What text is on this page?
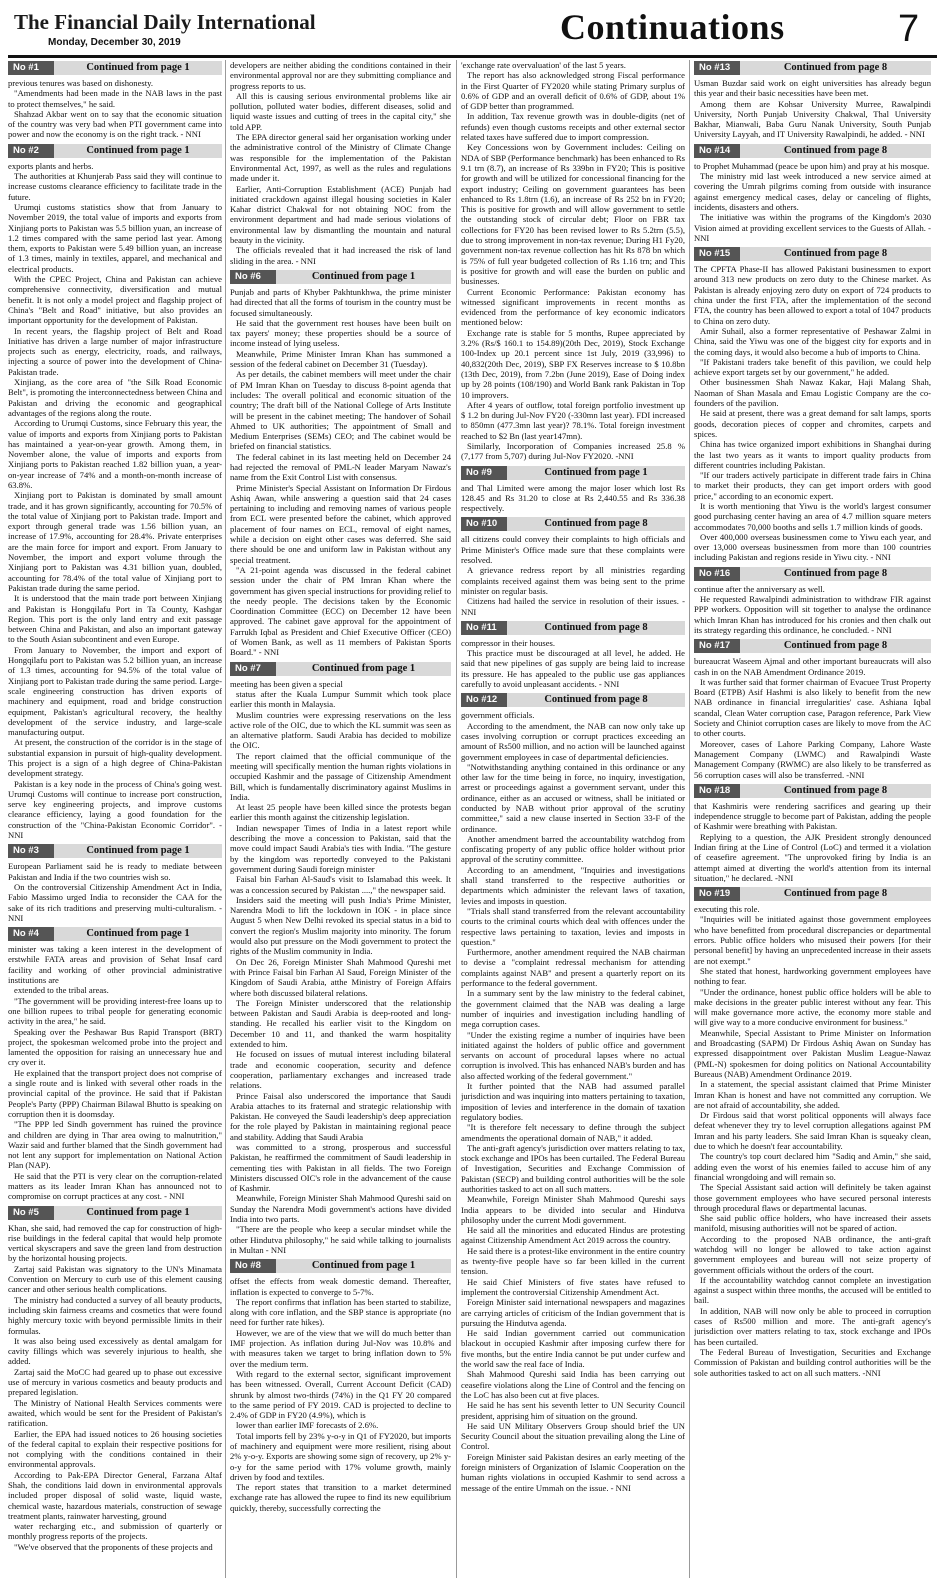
The Financial Daily International
Monday, December 30, 2019	Continuations	7
No #1	Continued from page 1

previous tenures was based on dishonesty.

"Amendments had been made in the NAB laws in the past to protect themselves," he said.

Shahzad Akbar went on to say that the economic situation of the country was very bad when PTI government came into power and now the economy is on the right track. - NNI

No #2	Continued from page 1

exports plants and herbs.

The authorities at Khunjerab Pass said they will continue to increase customs clearance efficiency to facilitate trade in the future.

Urumqi customs statistics show that from January to November 2019, the total value of imports and exports from Xinjiang ports to Pakistan was 5.5 billion yuan, an increase of 1.2 times compared with the same period last year. Among them, exports to Pakistan were 5.49 billion yuan, an increase of 1.3 times, mainly in textiles, apparel, and mechanical and electrical products.

With the CPEC Project, China and Pakistan can achieve comprehensive connectivity, diversification and mutual benefit. It is not only a model project and flagship project of China's "Belt and Road" initiative, but also provides an important opportunity for the development of Pakistan.

In recent years, the flagship project of Belt and Road Initiative has driven a large number of major infrastructure projects such as energy, electricity, roads, and railways, injecting a source of power into the development of China-Pakistan trade.

Xinjiang, as the core area of "the Silk Road Economic Belt", is promoting the interconnectedness between China and Pakistan and driving the economic and geographical advantages of the regions along the route.

According to Urumqi Customs, since February this year, the value of imports and exports from Xinjiang ports to Pakistan has maintained a year-on-year growth. Among them, in November alone, the value of imports and exports from Xinjiang ports to Pakistan reached 1.82 billion yuan, a year-on-year increase of 74% and a month-on-month increase of 63.8%.

Xinjiang port to Pakistan is dominated by small amount trade, and it has grown significantly, accounting for 70.5% of the total value of Xinjiang port to Pakistan trade. Import and export through general trade was 1.56 billion yuan, an increase of 17.9%, accounting for 28.4%. Private enterprises are the main force for import and export. From January to November, the import and export volume through the Xinjiang port to Pakistan was 4.31 billion yuan, doubled, accounting for 78.4% of the total value of Xinjiang port to Pakistan trade during the same period.

It is understood that the main trade port between Xinjiang and Pakistan is Hongqilafu Port in Ta County, Kashgar Region. This port is the only land entry and exit passage between China and Pakistan, and also an important gateway to the South Asian subcontinent and even Europe.

From January to November, the import and export of Hongqilafu port to Pakistan was 5.2 billion yuan, an increase of 1.3 times, accounting for 94.5% of the total value of Xinjiang port to Pakistan trade during the same period. Large-scale engineering construction has driven exports of machinery and equipment, road and bridge construction equipment, Pakistan's agricultural recovery, the healthy development of the service industry, and large-scale manufacturing output.

At present, the construction of the corridor is in the stage of substantial expansion in pursuit of high-quality development. This project is a sign of a high degree of China-Pakistan development strategy.

Pakistan is a key node in the process of China's going west. Urumqi Customs will continue to increase port construction, serve key engineering projects, and improve customs clearance efficiency, laying a good foundation for the construction of the "China-Pakistan Economic Corridor". - NNI

No #3	Continued from page 1

European Parliament said he is ready to mediate between Pakistan and India if the two countries wish so.

On the controversial Citizenship Amendment Act in India, Fabio Massimo urged India to reconsider the CAA for the sake of its rich traditions and preserving multi-culturalism. - NNI

No #4	Continued from page 1

minister was taking a keen interest in the development of erstwhile FATA areas and provision of Sehat Insaf card facility and working of other provincial administrative institutions are

extended to the tribal areas.

"The government will be providing interest-free loans up to one billion rupees to tribal people for generating economic activity in the area," he said.

Speaking over the Peshawar Bus Rapid Transport (BRT) project, the spokesman welcomed probe into the project and lamented the opposition for raising an unnecessary hue and cry over it.

He explained that the transport project does not comprise of a single route and is linked with several other roads in the provincial capital of the province. He said that if Pakistan People's Party (PPP) Chairman Bilawal Bhutto is speaking on corruption then it is doomsday.

"The PPP led Sindh government has ruined the province and children are dying in Thar area owing to malnutrition," Wazir said and further blamed that the Sindh government had not lent any support for implementation on National Action Plan (NAP).

He said that the PTI is very clear on the corruption-related matters as its leader Imran Khan has announced not to compromise on corrupt practices at any cost. - NNI

No #5	Continued from page 1

Khan, she said, had removed the cap for construction of high-rise buildings in the federal capital that would help promote vertical skyscrapers and save the green land from destruction by the horizontal housing projects.

Zartaj said Pakistan was signatory to the UN's Minamata Convention on Mercury to curb use of this element causing cancer and other serious health complications.

The ministry had conducted a survey of all beauty products, including skin fairness creams and cosmetics that were found highly mercury toxic with beyond permissible limits in their formulas.

It was also being used excessively as dental amalgam for cavity fillings which was severely injurious to health, she added.

Zartaj said the MoCC had geared up to phase out excessive use of mercury in various cosmetics and beauty products and prepared legislation.

The Ministry of National Health Services comments were awaited, which would be sent for the President of Pakistan's ratification.

Earlier, the EPA had issued notices to 26 housing societies of the federal capital to explain their respective positions for not complying with the conditions contained in their environmental approvals.

According to Pak-EPA Director General, Farzana Altaf Shah, the conditions laid down in environmental approvals included proper disposal of solid waste, liquid waste, chemical waste, hazardous materials, construction of sewage treatment plants, rainwater harvesting, ground

water recharging etc., and submission of quarterly or monthly progress reports of the projects.

"We've observed that the proponents of these projects and

developers are neither abiding the conditions contained in their environmental approval nor are they submitting compliance and progress reports to us.

All this is causing serious environmental problems like air pollution, polluted water bodies, different diseases, solid and liquid waste issues and cutting of trees in the capital city," she told APP.

The EPA director general said her organisation working under the administrative control of the Ministry of Climate Change was responsible for the implementation of the Pakistan Environmental Act, 1997, as well as the rules and regulations made under it.

Earlier, Anti-Corruption Establishment (ACE) Punjab had initiated crackdown against illegal housing societies in Kaler Kahar district Chakwal for not obtaining NOC from the environment department and had made serious violations of environmental law by dismantling the mountain and natural beauty in the vicinity.

The officials revealed that it had increased the risk of land sliding in the area. - NNI

No #6	Continued from page 1

Punjab and parts of Khyber Pakhtunkhwa, the prime minister had directed that all the forms of tourism in the country must be focused simultaneously.

He said that the government rest houses have been built on tax payers' money; these properties should be a source of income instead of lying useless.

Meanwhile, Prime Minister Imran Khan has summoned a session of the federal cabinet on December 31 (Tuesday).

As per details, the cabinet members will meet under the chair of PM Imran Khan on Tuesday to discuss 8-point agenda that includes: The overall political and economic situation of the country; The draft bill of the National College of Arts Institute will be present in the cabinet meeting; The handover of Sohail Ahmed to UK authorities; The appointment of Small and Medium Enterprises (SEMs) CEO; and The cabinet would be briefed on financial statistics.

The federal cabinet in its last meeting held on December 24 had rejected the removal of PML-N leader Maryam Nawaz's name from the Exit Control List with consensus.

Prime Minister's Special Assistant on Information Dr Firdous Ashiq Awan, while answering a question said that 24 cases pertaining to including and removing names of various people from ECL were presented before the cabinet, which approved placement of four names on ECL, removal of eight names, while a decision on eight other cases was deferred. She said there should be one and uniform law in Pakistan without any special treatment.

"A 21-point agenda was discussed in the federal cabinet session under the chair of PM Imran Khan where the government has given special instructions for providing relief to the needy people. The decisions taken by the Economic Coordination Committee (ECC) on December 12 have been approved. The cabinet gave approval for the appointment of Farrukh Iqbal as President and Chief Executive Officer (CEO) of Women Bank, as well as 11 members of Pakistan Sports Board." - NNI

No #7	Continued from page 1

meeting has been given a special

status after the Kuala Lumpur Summit which took place earlier this month in Malaysia.

Muslim countries were expressing reservations on the less active role of the OIC, due to which the KL summit was seen as an alternative platform. Saudi Arabia has decided to mobilize the OIC.

The report claimed that the official communique of the meeting will specifically mention the human rights violations in occupied Kashmir and the passage of Citizenship Amendment Bill, which is fundamentally discriminatory against Muslims in India.

At least 25 people have been killed since the protests began earlier this month against the citizenship legislation.

Indian newspaper Times of India in a latest report while describing the move a concession to Pakistan, said that the move could impact Saudi Arabia's ties with India. "The gesture by the kingdom was reportedly conveyed to the Pakistani government during Saudi foreign minister

Faisal bin Farhan Al-Saud's visit to Islamabad this week. It was a concession secured by Pakistan ....," the newspaper said.

Insiders said the meeting will push India's Prime Minister, Narendra Modi to lift the lockdown in IOK - in place since August 5 when New Delhi revoked its special status in a bid to convert the region's Muslim majority into minority. The forum would also put pressure on the Modi government to protect the rights of the Muslim community in India.

On Dec 26, Foreign Minister Shah Mahmood Qureshi met with Prince Faisal bin Farhan Al Saud, Foreign Minister of the Kingdom of Saudi Arabia, atthe Ministry of Foreign Affairs where both discussed bilateral relations.

The Foreign Minister underscored that the relationship between Pakistan and Saudi Arabia is deep-rooted and long-standing. He recalled his earlier visit to the Kingdom on December 10 and 11, and thanked the warm hospitality extended to him.

He focused on issues of mutual interest including bilateral trade and economic cooperation, security and defence cooperation, parliamentary exchanges and increased trade relations.

Prince Faisal also underscored the importance that Saudi Arabia attaches to its fraternal and strategic relationship with Pakistan. He conveyed the Saudi leadership's deep appreciation for the role played by Pakistan in maintaining regional peace and stability. Adding that Saudi Arabia

was committed to a strong, prosperous and successful Pakistan, he reaffirmed the commitment of Saudi leadership in cementing ties with Pakistan in all fields. The two Foreign Ministers discussed OIC's role in the advancement of the cause of Kashmir.

Meanwhile, Foreign Minister Shah Mahmood Qureshi said on Sunday the Narendra Modi government's actions have divided India into two parts.

"There are the people who keep a secular mindset while the other Hindutva philosophy," he said while talking to journalists in Multan - NNI

No #8	Continued from page 1

offset the effects from weak domestic demand. Thereafter, inflation is expected to converge to 5-7%.

The report confirms that inflation has been started to stabilize, along with core inflation, and the SBP stance is appropriate (no need for further rate hikes).

However, we are of the view that we will do much better than IMF projection. As inflation during Jul-Nov was 10.8% and with measures taken we target to bring inflation down to 5% over the medium term.

With regard to the external sector, significant improvement has been witnessed. Overall, Current Account Deficit (CAD) shrunk by almost two-thirds (74%) in the Q1 FY 20 compared to the same period of FY 2019. CAD is projected to decline to 2.4% of GDP in FY20 (4.9%), which is

lower than earlier IMF forecasts of 2.6%.

Total imports fell by 23% y-o-y in Q1 of FY2020, but imports of machinery and equipment were more resilient, rising about 2% y-o-y. Exports are showing some sign of recovery, up 2% y-o-y for the same period with 17% volume growth, mainly driven by food and textiles.

The report states that transition to a market determined exchange rate has allowed the rupee to find its new equilibrium quickly, thereby, successfully correcting the

'exchange rate overvaluation' of the last 5 years.

The report has also acknowledged strong Fiscal performance in the First Quarter of FY2020 while stating Primary surplus of 0.6% of GDP and an overall deficit of 0.6% of GDP, about 1% of GDP better than programmed.

In addition, Tax revenue growth was in double-digits (net of refunds) even though customs receipts and other external sector related taxes have suffered due to import compression.

Key Concessions won by Government includes: Ceiling on NDA of SBP (Performance benchmark) has been enhanced to Rs 9.1 trn (8.7), an increase of Rs 339bn in FY20; This is positive for growth and will be utilized for concessional financing for the export industry; Ceiling on government guarantees has been enhanced to Rs 1.8trn (1.6), an increase of Rs 252 bn in FY20; This is positive for growth and will allow government to settle the outstanding stock of circular debt; Floor on FBR tax collections for FY20 has been revised lower to Rs 5.2trn (5.5), due to strong improvement in non-tax revenue; During H1 Fy20, government non-tax revenue collection has hit Rs 878 bn which is 75% of full year budgeted collection of Rs 1.16 trn; and This is positive for growth and will ease the burden on public and businesses.

Current Economic Performance: Pakistan economy has witnessed significant improvements in recent months as evidenced from the performance of key economic indicators mentioned below:

Exchange rate is stable for 5 months, Rupee appreciated by 3.2% (Rs/$ 160.1 to 154.89)(20th Dec, 2019), Stock Exchange 100-Index up 20.1 percent since 1st July, 2019 (33,996) to 40,832(20th Dec, 2019), SBP FX Reserves increase to $ 10.8bn (13th Dec, 2019), from 7.2bn (June 2019), Ease of Doing index up by 28 points (108/190) and World Bank rank Pakistan in Top 10 improvers.

After 4 years of outflow, total foreign portfolio investment up $ 1.2 bn during Jul-Nov FY20 (-330mn last year). FDI increased to 850mn (477.3mn last year)? 78.1%. Total foreign investment reached to $2 Bn (last year147mn).

Similarly, Incorporation of Companies increased 25.8 % (7,177 from 5,707) during Jul-Nov FY2020. -NNI

No #9	Continued from page 1

and Thal Limited were among the major loser which lost Rs 128.45 and Rs 31.20 to close at Rs 2,440.55 and Rs 336.38 respectively.

No #10	Continued from page 8

all citizens could convey their complaints to high officials and Prime Minister's Office made sure that these complaints were resolved.

A grievance redress report by all ministries regarding complaints received against them was being sent to the prime minister on regular basis.

Citizens had hailed the service in resolution of their issues. - NNI

No #11	Continued from page 8

compressor in their houses.

This practice must be discouraged at all level, he added. He said that new pipelines of gas supply are being laid to increase its pressure. He has appealed to the public use gas appliances carefully to avoid unpleasant accidents. - NNI

No #12	Continued from page 8

government officials.

According to the amendment, the NAB can now only take up cases involving corruption or corrupt practices exceeding an amount of Rs500 million, and no action will be launched against government employees in case of departmental deficiencies.

"Notwithstanding anything contained in this ordinance or any other law for the time being in force, no inquiry, investigation, arrest or proceedings against a government servant, under this ordinance, either as an accused or witness, shall be initiated or conducted by NAB without prior approval of the scrutiny committee," said a new clause inserted in Section 33-F of the ordinance.

Another amendment barred the accountability watchdog from confiscating property of any public office holder without prior approval of the scrutiny committee.

According to an amendment, "Inquiries and investigations shall stand transferred to the respective authorities or departments which administer the relevant laws of taxation, levies and imposts in question.

"Trials shall stand transferred from the relevant accountability courts to the criminal courts which deal with offences under the respective laws pertaining to taxation, levies and imposts in question."

Furthermore, another amendment required the NAB chairman to devise a "complaint redressal mechanism for attending complaints against NAB" and present a quarterly report on its performance to the federal government.

In a summary sent by the law ministry to the federal cabinet, the government claimed that the NAB was dealing a large number of inquiries and investigation including handling of mega corruption cases.

"Under the existing regime a number of inquiries have been initiated against the holders of public office and government servants on account of procedural lapses where no actual corruption is involved. This has enhanced NAB's burden and has also affected working of the federal government."

It further pointed that the NAB had assumed parallel jurisdiction and was inquiring into matters pertaining to taxation, imposition of levies and interference in the domain of taxation regulatory bodies.

"It is therefore felt necessary to define through the subject amendments the operational domain of NAB," it added.

The anti-graft agency's jurisdiction over matters relating to tax, stock exchange and IPOs has been curtailed. The Federal Bureau of Investigation, Securities and Exchange Commission of Pakistan (SECP) and building control authorities will be the sole authorities tasked to act on all such matters.

Meanwhile, Foreign Minister Shah Mahmood Qureshi says India appears to be divided into secular and Hindutva philosophy under the current Modi government.

He said all the minorities and educated Hindus are protesting against Citizenship Amendment Act 2019 across the country.

He said there is a protest-like environment in the entire country as twenty-five people have so far been killed in the current tension.

He said Chief Ministers of five states have refused to implement the controversial Citizenship Amendment Act.

Foreign Minister said international newspapers and magazines are carrying articles of criticism of the Indian government that is pursuing the Hindutva agenda.

He said Indian government carried out communication blackout in occupied Kashmir after imposing curfew there for five months, but the entire India cannot be put under curfew and the world saw the real face of India.

Shah Mahmood Qureshi said India has been carrying out ceasefire violations along the Line of Control and the fencing on the LoC has also been cut at five places.

He said he has sent his seventh letter to UN Security Council president, apprising him of situation on the ground.

He said UN Military Observers Group should brief the UN Security Council about the situation prevailing along the Line of Control.

Foreign Minister said Pakistan desires an early meeting of the foreign ministers of Organization of Islamic Cooperation on the human rights violations in occupied Kashmir to send across a message of the entire Ummah on the issue. - NNI

No #13	Continued from page 8

Usman Buzdar said work on eight universities has already begun this year and their basic necessities have been met.

Among them are Kohsar University Murree, Rawalpindi University, North Punjab University Chakwal, Thal University Bakhar, Mianwali, Baba Guru Nanak University, South Punjab University Layyah, and IT University Rawalpindi, he added. - NNI

No #14	Continued from page 8

to Prophet Muhammad (peace be upon him) and pray at his mosque.

The ministry mid last week introduced a new service aimed at covering the Umrah pilgrims coming from outside with insurance against emergency medical cases, delay or canceling of flights, incidents, disasters and others.

The initiative was within the programs of the Kingdom's 2030 Vision aimed at providing excellent services to the Guests of Allah. - NNI

No #15	Continued from page 8

The CPFTA Phase-II has allowed Pakistani businessmen to export around 313 new products on zero duty to the Chinese market. As Pakistan is already enjoying zero duty on export of 724 products to china under the first FTA, after the implementation of the second FTA, the country has been allowed to export a total of 1047 products to China on zero duty.

Amir Suhail, also a former representative of Peshawar Zalmi in China, said the Yiwu was one of the biggest city for exports and in the coming days, it would also become a hub of imports to China.

"If Pakistani traders take benefit of this pavilion, we could help achieve export targets set by our government," he added.

Other businessmen Shah Nawaz Kakar, Haji Malang Shah, Naoman of Shan Masala and Emau Logistic Company are the co-founders of the pavilion.

He said at present, there was a great demand for salt lamps, sports goods, decoration pieces of copper and chromites, carpets and spices.

China has twice organized import exhibitions in Shanghai during the last two years as it wants to import quality products from different countries including Pakistan.

"If our traders actively participate in different trade fairs in China to market their products, they can get import orders with good price," according to an economic expert.

It is worth mentioning that Yiwu is the world's largest consumer good purchasing center having an area of 4.7 million square meters accommodates 70,000 booths and sells 1.7 million kinds of goods.

Over 400,000 overseas businessmen come to Yiwu each year, and over 13,000 overseas businessmen from more than 100 countries including Pakistan and regions reside in Yiwu city. - NNI

No #16	Continued from page 8

continue after the anniversary as well.

He requested Rawalpindi administration to withdraw FIR against PPP workers. Opposition will sit together to analyse the ordinance which Imran Khan has introduced for his cronies and then chalk out its strategy regarding this ordinance, he concluded. - NNI

No #17	Continued from page 8

bureaucrat Waseem Ajmal and other important bureaucrats will also cash in on the NAB Amendment Ordinance 2019.

It was further said that former chairman of Evacuee Trust Property Board (ETPB) Asif Hashmi is also likely to benefit from the new NAB ordinance in financial irregularities' case. Ashiana Iqbal scandal, Clean Water corruption case, Paragon reference, Park View Society and Chiniot corruption cases are likely to move from the AC to other courts.

Moreover, cases of Lahore Parking Company, Lahore Waste Management Company (LWMC) and Rawalpindi Waste Management Company (RWMC) are also likely to be transferred as 56 corruption cases will also be transferred. -NNI

No #18	Continued from page 8

that Kashmiris were rendering sacrifices and gearing up their independence struggle to become part of Pakistan, adding the people of Kashmir were breathing with Pakistan.

Replying to a question, the AJK President strongly denounced Indian firing at the Line of Control (LoC) and termed it a violation of ceasefire agreement. "The unprovoked firing by India is an attempt aimed at diverting the world's attention from its internal situation," he declared. -NNI

No #19	Continued from page 8

executing this role.

"Inquiries will be initiated against those government employees who have benefitted from procedural discrepancies or departmental errors. Public office holders who misused their powers [for their personal benefit] by having an unprecedented increase in their assets are not exempt."

She stated that honest, hardworking government employees have nothing to fear.

"Under the ordinance, honest public office holders will be able to make decisions in the greater public interest without any fear. This will make governance more active, the economy more stable and will give way to a more conducive environment for business."

Meanwhile, Special Assistant to Prime Minister on Information and Broadcasting (SAPM) Dr Firdous Ashiq Awan on Sunday has expressed disappointment over Pakistan Muslim League-Nawaz (PML-N) spokesmen for doing politics on National Accountability Bureaus (NAB) Amendment Ordinance 2019.

In a statement, the special assistant claimed that Prime Minister Imran Khan is honest and have not committed any corruption. We are not afraid of accountability, she added.

Dr Firdous said that worst political opponents will always face defeat whenever they try to level corruption allegations against PM Imran and his party leaders. She said Imran Khan is squeaky clean, due to which he doesn't fear accountability.

The country's top court declared him "Sadiq and Amin," she said, adding even the worst of his enemies failed to accuse him of any financial wrongdoing and will remain so.

The Special Assistant said action will definitely be taken against those government employees who have secured personal interests through procedural flaws or departmental lacunas.

She said public office holders, who have increased their assets manifold, misusing authorities will not be spared of action.

According to the proposed NAB ordinance, the anti-graft watchdog will no longer be allowed to take action against government employees and bureau will not seize property of government officials without the orders of the court.

If the accountability watchdog cannot complete an investigation against a suspect within three months, the accused will be entitled to bail.

In addition, NAB will now only be able to proceed in corruption cases of Rs500 million and more. The anti-graft agency's jurisdiction over matters relating to tax, stock exchange and IPOs has been curtailed.

The Federal Bureau of Investigation, Securities and Exchange Commission of Pakistan and building control authorities will be the sole authorities tasked to act on all such matters. -NNI
